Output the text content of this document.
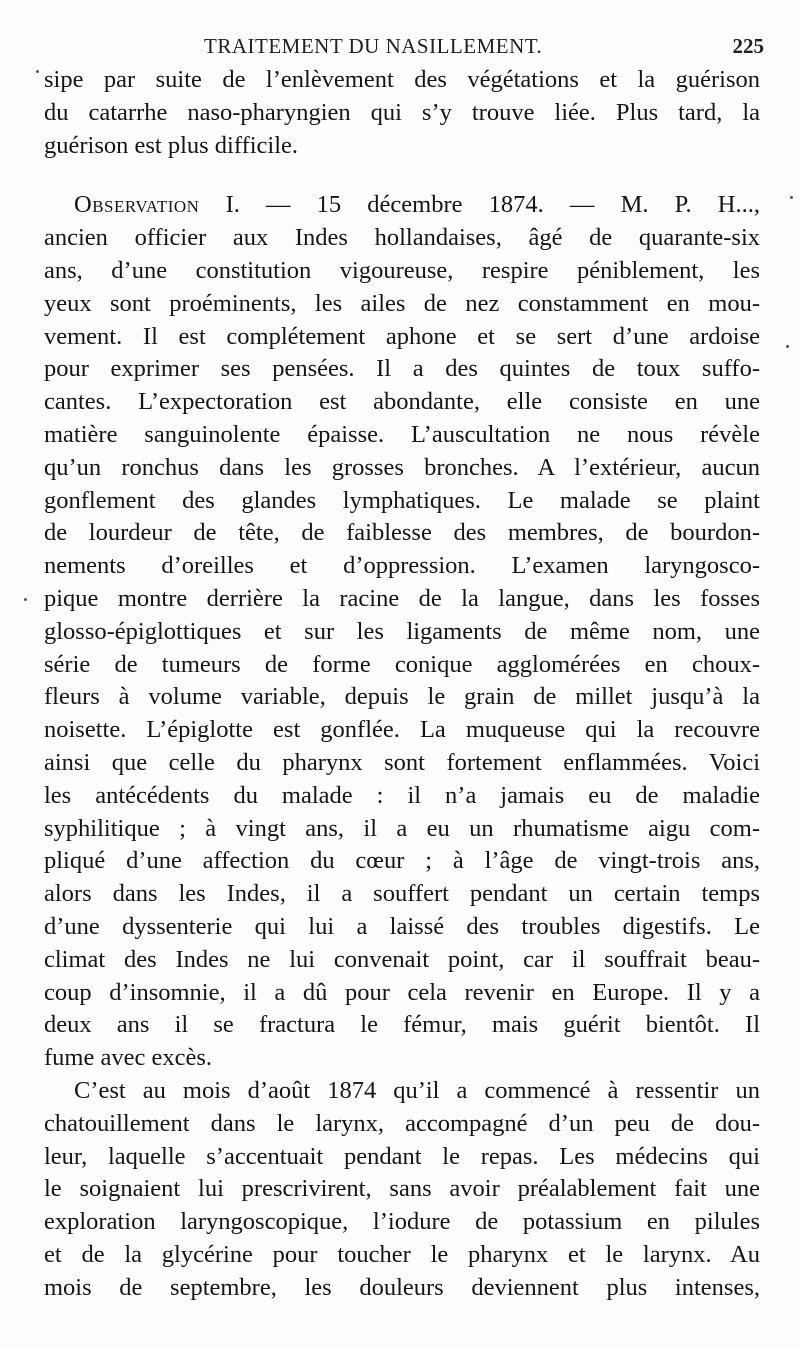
TRAITEMENT DU NASILLEMENT.	225
sipe par suite de l’enlèvement des végétations et la guérison
du catarrhe naso-pharyngien qui s’y trouve liée. Plus tard, la
guérison est plus difficile.
Observation I. — 15 décembre 1874. — M. P. H...,
ancien officier aux Indes hollandaises, âgé de quarante-six
ans, d’une constitution vigoureuse, respire péniblement, les
yeux sont proéminents, les ailes de nez constamment en mou-
vement. Il est complétement aphone et se sert d’une ardoise
pour exprimer ses pensées. Il a des quintes de toux suffo-
cantes. L’expectoration est abondante, elle consiste en une
matière sanguinolente épaisse. L’auscultation ne nous révèle
qu’un ronchus dans les grosses bronches. A l’extérieur, aucun
gonflement des glandes lymphatiques. Le malade se plaint
de lourdeur de tête, de faiblesse des membres, de bourdon-
nements d’oreilles et d’oppression. L’examen laryngosco-
pique montre derrière la racine de la langue, dans les fosses
glosso-épiglottiques et sur les ligaments de même nom, une
série de tumeurs de forme conique agglomérées en choux-
fleurs à volume variable, depuis le grain de millet jusqu’à la
noisette. L’épiglotte est gonflée. La muqueuse qui la recouvre
ainsi que celle du pharynx sont fortement enflammées. Voici
les antécédents du malade : il n’a jamais eu de maladie
syphilitique ; à vingt ans, il a eu un rhumatisme aigu com-
pliqué d’une affection du cœur ; à l’âge de vingt-trois ans,
alors dans les Indes, il a souffert pendant un certain temps
d’une dyssenterie qui lui a laissé des troubles digestifs. Le
climat des Indes ne lui convenait point, car il souffrait beau-
coup d’insomnie, il a dû pour cela revenir en Europe. Il y a
deux ans il se fractura le fémur, mais guérit bientôt. Il
fume avec excès.
C’est au mois d’août 1874 qu’il a commencé à ressentir un
chatouillement dans le larynx, accompagné d’un peu de dou-
leur, laquelle s’accentuait pendant le repas. Les médecins qui
le soignaient lui prescrivirent, sans avoir préalablement fait une
exploration laryngoscopique, l’iodure de potassium en pilules
et de la glycérine pour toucher le pharynx et le larynx. Au
mois de septembre, les douleurs deviennent plus intenses,
